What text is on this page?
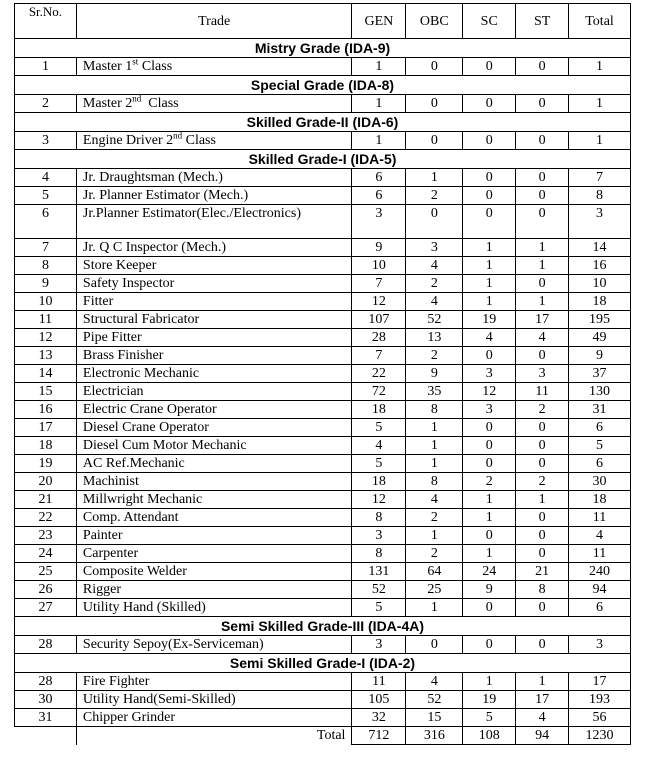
Sr.No.	Trade	GEN	OBC	SC	ST	Total
Mistry Grade (IDA-9)						
1	Master 1st Class	1	0	0	0	1
Special Grade (IDA-8)						
2	Master 2nd  Class	1	0	0	0	1
Skilled Grade-II (IDA-6)						
3	Engine Driver 2nd Class	1	0	0	0	1
Skilled Grade-I (IDA-5)						
4	Jr. Draughtsman (Mech.)	6	1	0	0	7
5	Jr. Planner Estimator (Mech.)	6	2	0	0	8
6	Jr.Planner Estimator(Elec./Electronics)	3	0	0	0	3
7	Jr. Q C Inspector (Mech.)	9	3	1	1	14
8	Store Keeper	10	4	1	1	16
9	Safety Inspector	7	2	1	0	10
10	Fitter	12	4	1	1	18
11	Structural Fabricator	107	52	19	17	195
12	Pipe Fitter	28	13	4	4	49
13	Brass Finisher	7	2	0	0	9
14	Electronic Mechanic	22	9	3	3	37
15	Electrician	72	35	12	11	130
16	Electric Crane Operator	18	8	3	2	31
17	Diesel Crane Operator	5	1	0	0	6
18	Diesel Cum Motor Mechanic	4	1	0	0	5
19	AC Ref.Mechanic	5	1	0	0	6
20	Machinist	18	8	2	2	30
21	Millwright Mechanic	12	4	1	1	18
22	Comp. Attendant	8	2	1	0	11
23	Painter	3	1	0	0	4
24	Carpenter	8	2	1	0	11
25	Composite Welder	131	64	24	21	240
26	Rigger	52	25	9	8	94
27	Utility Hand (Skilled)	5	1	0	0	6
Semi Skilled Grade-III (IDA-4A)						
28	Security Sepoy(Ex-Serviceman)	3	0	0	0	3
Semi Skilled Grade-I (IDA-2)						
28	Fire Fighter	11	4	1	1	17
30	Utility Hand(Semi-Skilled)	105	52	19	17	193
31	Chipper Grinder	32	15	5	4	56
	Total	712	316	108	94	1230
